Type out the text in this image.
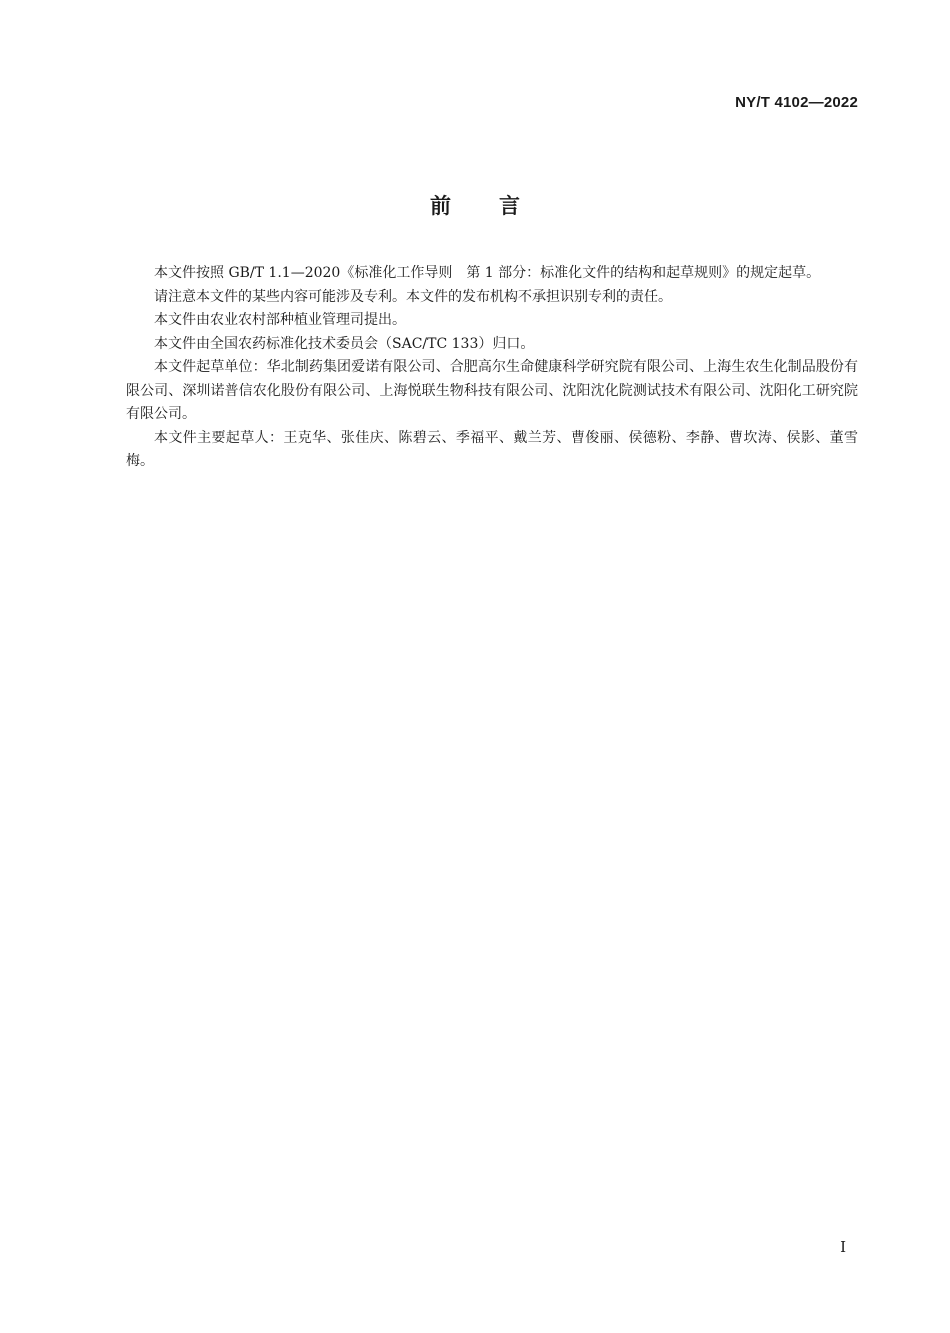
NY/T 4102—2022
前言

本文件按照 GB/T 1.1—2020《标准化工作导则　第 1 部分：标准化文件的结构和起草规则》的规定起草。

请注意本文件的某些内容可能涉及专利。本文件的发布机构不承担识别专利的责任。

本文件由农业农村部种植业管理司提出。

本文件由全国农药标准化技术委员会（SAC/TC 133）归口。

本文件起草单位：华北制药集团爱诺有限公司、合肥高尔生命健康科学研究院有限公司、上海生农生化制品股份有限公司、深圳诺普信农化股份有限公司、上海悦联生物科技有限公司、沈阳沈化院测试技术有限公司、沈阳化工研究院有限公司。

本文件主要起草人：王克华、张佳庆、陈碧云、季福平、戴兰芳、曹俊丽、侯德粉、李静、曹坎涛、侯影、董雪梅。

I
